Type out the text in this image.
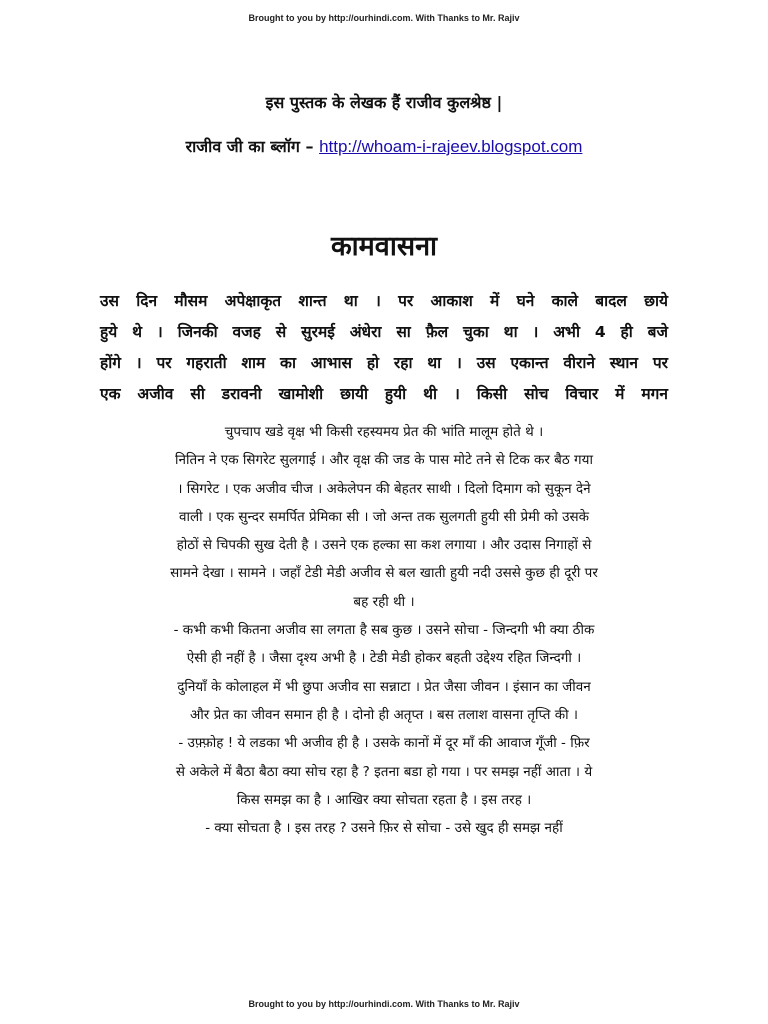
Brought to you by http://ourhindi.com. With Thanks to Mr. Rajiv
इस पुस्तक के लेखक हैं राजीव कुलश्रेष्ठ |
राजीव जी का ब्लॉग – http://whoam-i-rajeev.blogspot.com
कामवासना
उस दिन मौसम अपेक्षाकृत शान्त था । पर आकाश में घने काले बादल छाये
हुये थे । जिनकी वजह से सुरमई अंधेरा सा फ़ैल चुका था । अभी 4 ही बजे
होंगे । पर गहराती शाम का आभास हो रहा था । उस एकान्त वीराने स्थान पर
एक अजीव सी डरावनी खामोशी छायी हुयी थी । किसी सोच विचार में मगन
चुपचाप खडे वृक्ष भी किसी रहस्यमय प्रेत की भांति मालूम होते थे ।
नितिन ने एक सिगरेट सुलगाई । और वृक्ष की जड के पास मोटे तने से टिक कर बैठ गया
। सिगरेट । एक अजीव चीज । अकेलेपन की बेहतर साथी । दिलो दिमाग को सुकून देने
वाली । एक सुन्दर समर्पित प्रेमिका सी । जो अन्त तक सुलगती हुयी सी प्रेमी को उसके
होठों से चिपकी सुख देती है । उसने एक हल्का सा कश लगाया । और उदास निगाहों से
सामने देखा । सामने । जहाँ टेडी मेडी अजीव से बल खाती हुयी नदी उससे कुछ ही दूरी पर
बह रही थी ।
- कभी कभी कितना अजीव सा लगता है सब कुछ । उसने सोचा - जिन्दगी भी क्या ठीक
ऐसी ही नहीं है । जैसा दृश्य अभी है । टेडी मेडी होकर बहती उद्देश्य रहित जिन्दगी ।
दुनियाँ के कोलाहल में भी छुपा अजीव सा सन्नाटा । प्रेत जैसा जीवन । इंसान का जीवन
और प्रेत का जीवन समान ही है । दोनो ही अतृप्त । बस तलाश वासना तृप्ति की ।
- उफ़्फ़ोह ! ये लडका भी अजीव ही है । उसके कानों में दूर माँ की आवाज गूँजी - फ़िर
से अकेले में बैठा बैठा क्या सोच रहा है ? इतना बडा हो गया । पर समझ नहीं आता । ये
किस समझ का है । आखिर क्या सोचता रहता है । इस तरह ।
- क्या सोचता है । इस तरह ? उसने फ़िर से सोचा - उसे खुद ही समझ नहीं
Brought to you by http://ourhindi.com. With Thanks to Mr. Rajiv
